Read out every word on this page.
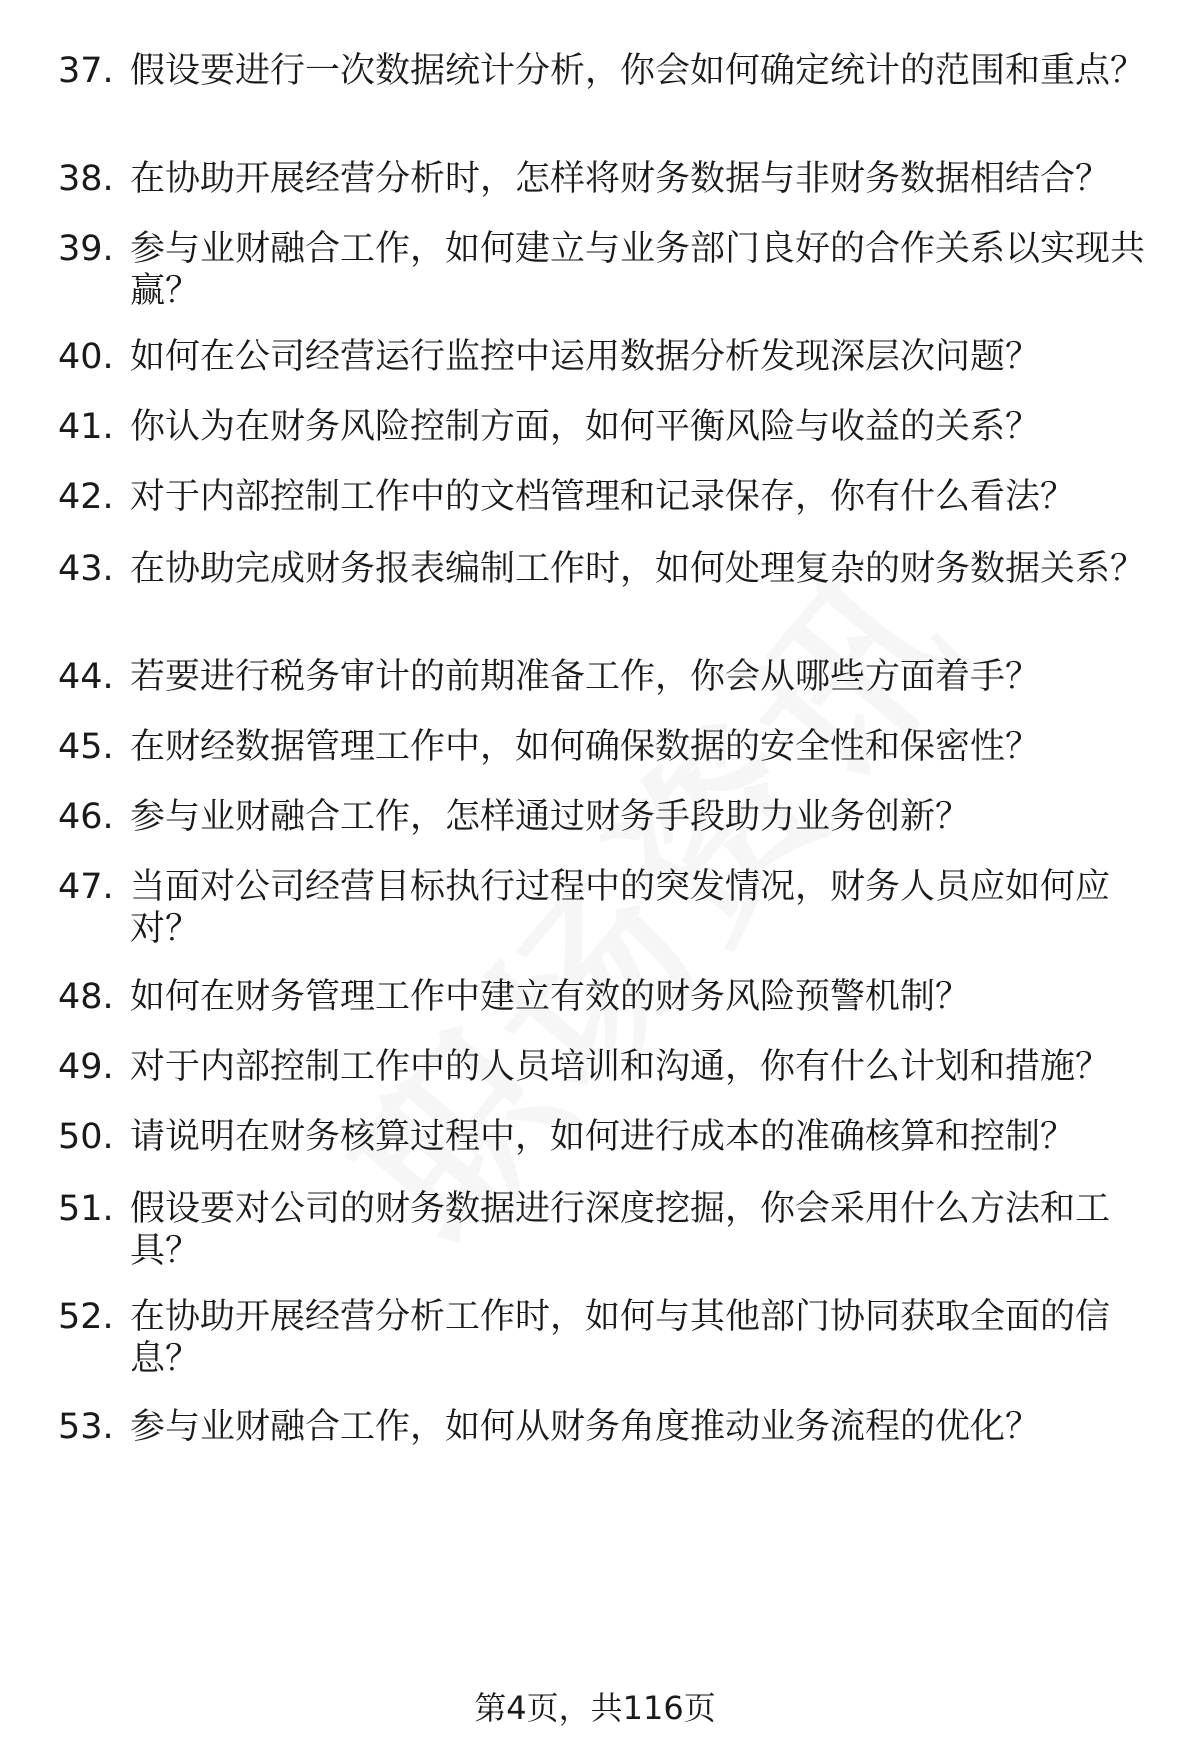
37. 假设要进行一次数据统计分析，你会如何确定统计的范围和重点？
38. 在协助开展经营分析时，怎样将财务数据与非财务数据相结合？
39. 参与业财融合工作，如何建立与业务部门良好的合作关系以实现共赢？
40. 如何在公司经营运行监控中运用数据分析发现深层次问题？
41. 你认为在财务风险控制方面，如何平衡风险与收益的关系？
42. 对于内部控制工作中的文档管理和记录保存，你有什么看法？
43. 在协助完成财务报表编制工作时，如何处理复杂的财务数据关系？
44. 若要进行税务审计的前期准备工作，你会从哪些方面着手？
45. 在财经数据管理工作中，如何确保数据的安全性和保密性？
46. 参与业财融合工作，怎样通过财务手段助力业务创新？
47. 当面对公司经营目标执行过程中的突发情况，财务人员应如何应对？
48. 如何在财务管理工作中建立有效的财务风险预警机制？
49. 对于内部控制工作中的人员培训和沟通，你有什么计划和措施？
50. 请说明在财务核算过程中，如何进行成本的准确核算和控制？
51. 假设要对公司的财务数据进行深度挖掘，你会采用什么方法和工具？
52. 在协助开展经营分析工作时，如何与其他部门协同获取全面的信息？
53. 参与业财融合工作，如何从财务角度推动业务流程的优化？
第4页，共116页
